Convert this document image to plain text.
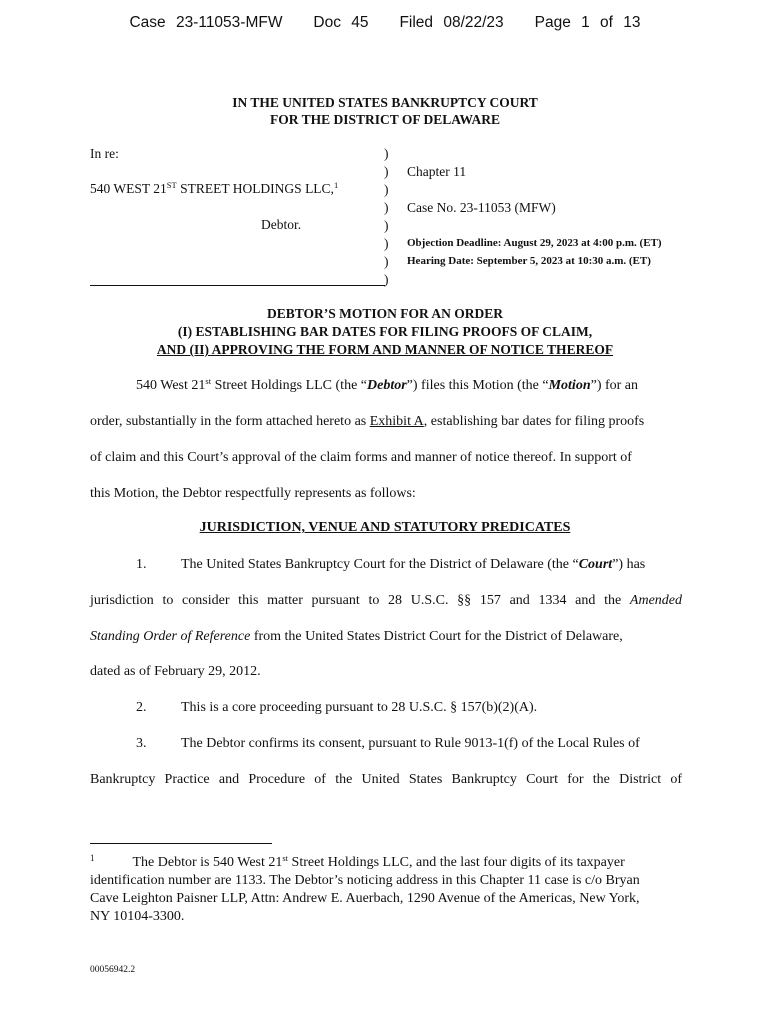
Case 23-11053-MFW Doc 45 Filed 08/22/23 Page 1 of 13
IN THE UNITED STATES BANKRUPTCY COURT
FOR THE DISTRICT OF DELAWARE
In re:
540 WEST 21ST STREET HOLDINGS LLC,$^1$
Debtor.
)
)
)
)
)
)
)
)
Chapter 11
Case No. 23-11053 (MFW)
Objection Deadline: August 29, 2023 at 4:00 p.m. (ET)
Hearing Date: September 5, 2023 at 10:30 a.m. (ET)
DEBTOR’S MOTION FOR AN ORDER
(I) ESTABLISHING BAR DATES FOR FILING PROOFS OF CLAIM,
AND (II) APPROVING THE FORM AND MANNER OF NOTICE THEREOF
540 West 21st Street Holdings LLC (the “Debtor”) files this Motion (the “Motion”) for an
order, substantially in the form attached hereto as Exhibit A, establishing bar dates for filing proofs
of claim and this Court’s approval of the claim forms and manner of notice thereof. In support of
this Motion, the Debtor respectfully represents as follows:
JURISDICTION, VENUE AND STATUTORY PREDICATES
1. The United States Bankruptcy Court for the District of Delaware (the “Court”) has
jurisdiction to consider this matter pursuant to 28 U.S.C. §§ 157 and 1334 and the Amended
Standing Order of Reference from the United States District Court for the District of Delaware,
dated as of February 29, 2012.
2. This is a core proceeding pursuant to 28 U.S.C. § 157(b)(2)(A).
3. The Debtor confirms its consent, pursuant to Rule 9013-1(f) of the Local Rules of
Bankruptcy Practice and Procedure of the United States Bankruptcy Court for the District of
$^1$	The Debtor is 540 West 21st Street Holdings LLC, and the last four digits of its taxpayer
identification number are 1133. The Debtor’s noticing address in this Chapter 11 case is c/o Bryan
Cave Leighton Paisner LLP, Attn: Andrew E. Auerbach, 1290 Avenue of the Americas, New York,
NY 10104-3300.
00056942.2
